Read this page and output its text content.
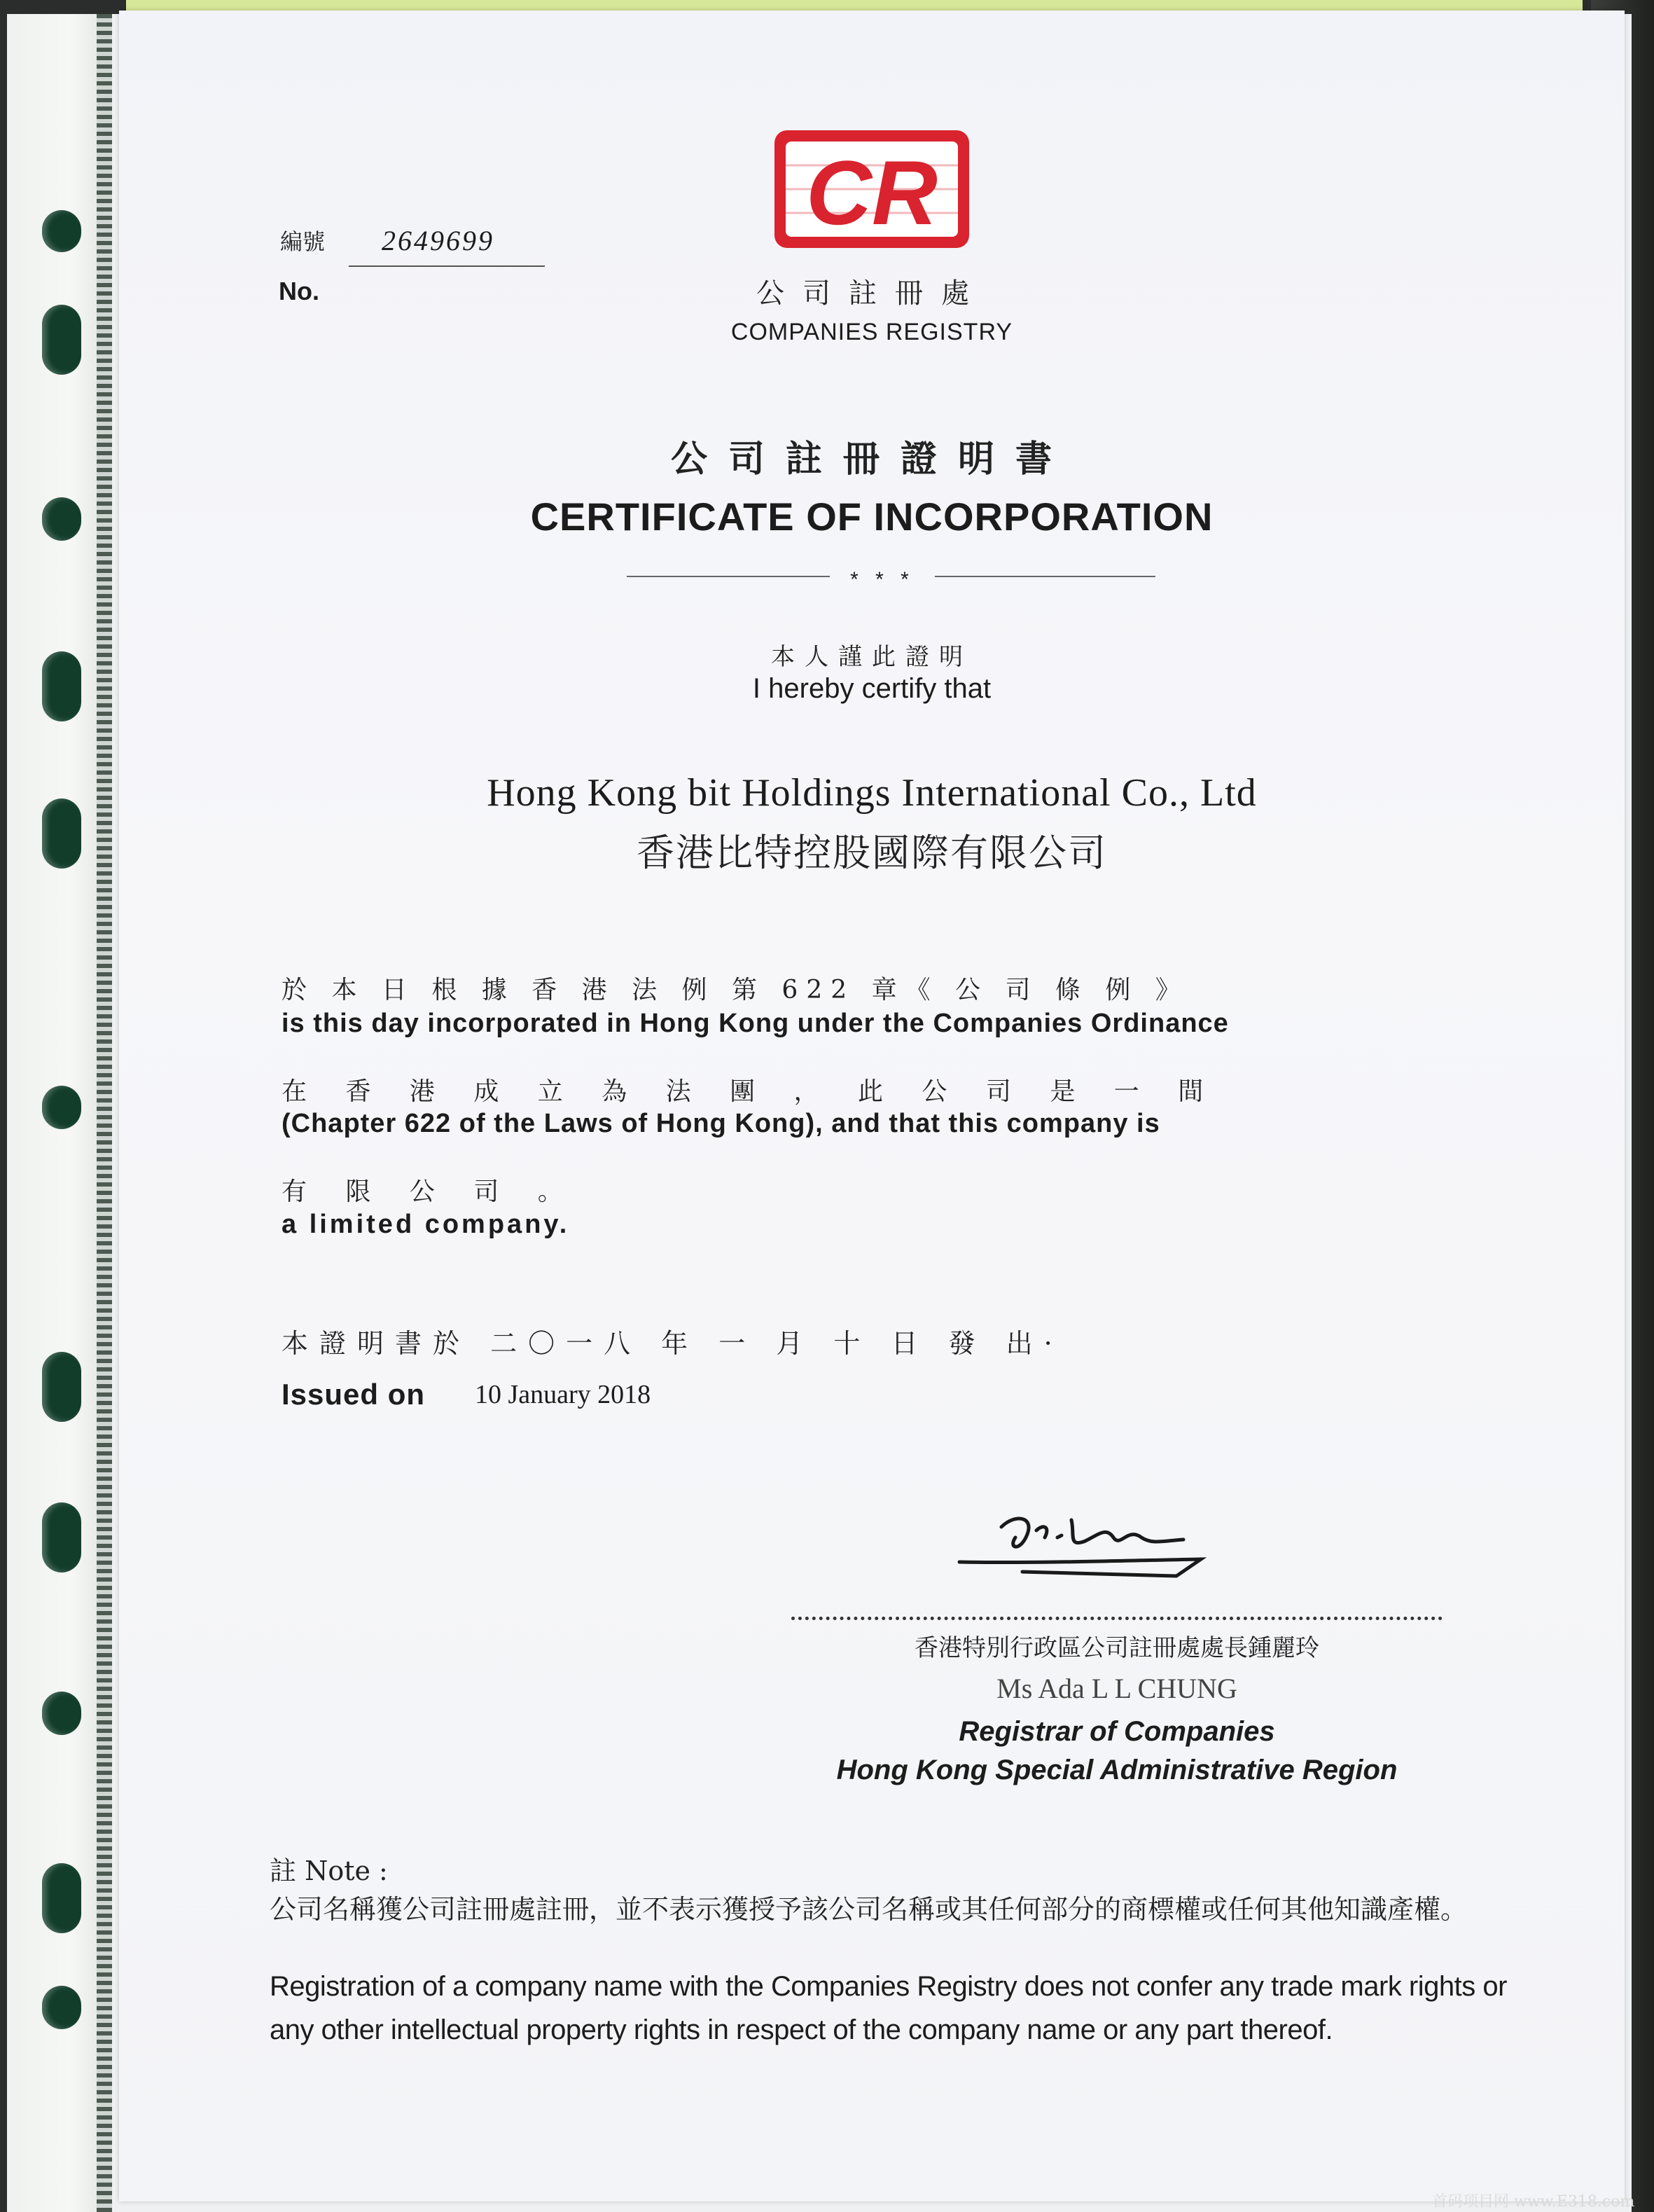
編號
No.
2649699	CR
公司註冊處
COMPANIES REGISTRY
公司註冊證明書
CERTIFICATE OF INCORPORATION
* * *
本人謹此證明
I hereby certify that
Hong Kong bit Holdings International Co., Ltd
香港比特控股國際有限公司
於 本 日 根 據 香 港 法 例 第 622 章《 公 司 條 例 》
is this day incorporated in Hong Kong under the Companies Ordinance
在 香 港 成 立 為 法 團 ， 此 公 司 是 一 間
(Chapter 622 of the Laws of Hong Kong), and that this company is
有 限 公 司 。
a limited company.
本證明書於 二〇一八 年 一 月 十 日 發 出·
Issued on 10 January 2018
香港特別行政區公司註冊處處長鍾麗玲
Ms Ada L L CHUNG
Registrar of Companies
Hong Kong Special Administrative Region
註 Note :
公司名稱獲公司註冊處註冊，並不表示獲授予該公司名稱或其任何部分的商標權或任何其他知識產權。
Registration of a company name with the Companies Registry does not confer any trade mark rights or any other intellectual property rights in respect of the company name or any part thereof.
首码项目网 www.E318.com
